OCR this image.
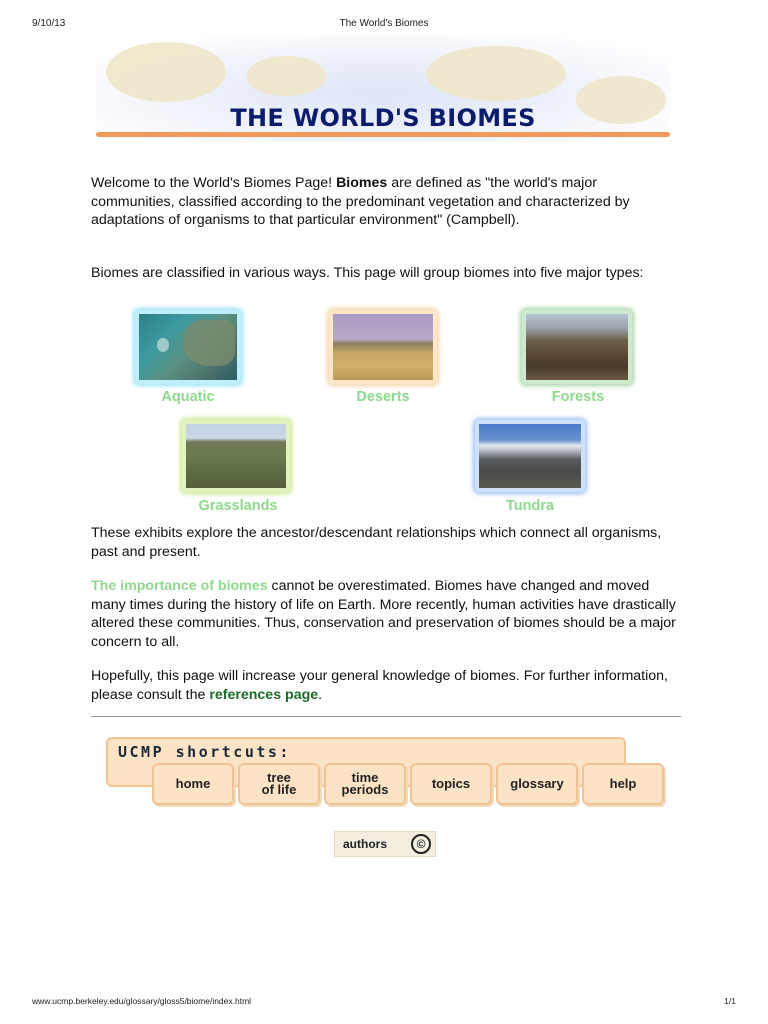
9/10/13	The World's Biomes
THE WORLD'S BIOMES

Welcome to the World's Biomes Page! Biomes are defined as "the world's major communities, classified according to the predominant vegetation and characterized by adaptations of organisms to that particular environment" (Campbell).

Biomes are classified in various ways. This page will group biomes into five major types:

Aquatic	Deserts	Forests
Grasslands	Tundra

These exhibits explore the ancestor/descendant relationships which connect all organisms, past and present.

The importance of biomes cannot be overestimated. Biomes have changed and moved many times during the history of life on Earth. More recently, human activities have drastically altered these communities. Thus, conservation and preservation of biomes should be a major concern to all.

Hopefully, this page will increase your general knowledge of biomes. For further information, please consult the references page.

UCMP shortcuts:
home	tree
of life
time
periods	topics	glossary	help
authors	©
www.ucmp.berkeley.edu/glossary/gloss5/biome/index.html	1/1
